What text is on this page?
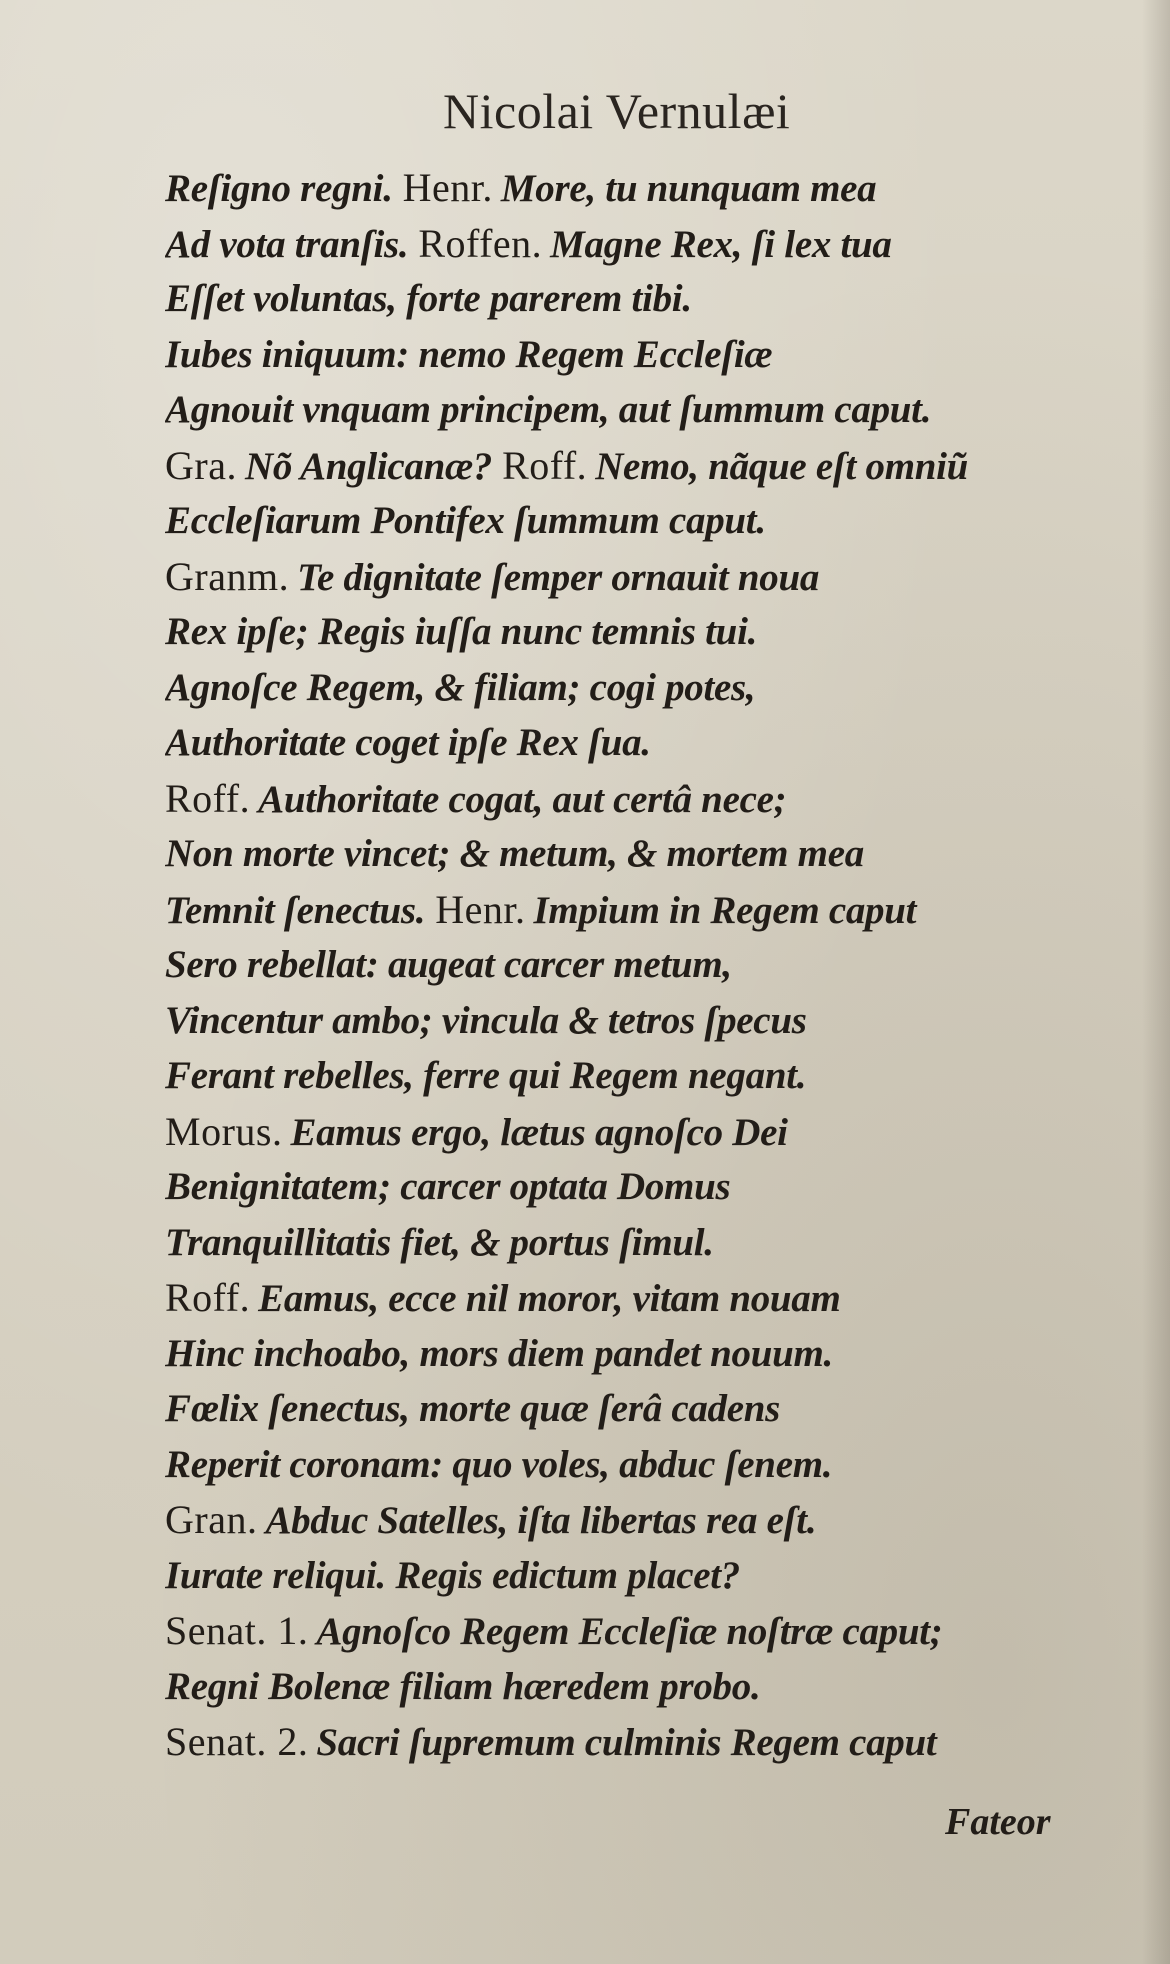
Nicolai Vernulæi
Reſigno regni. Henr. More, tu nunquam mea
Ad vota tranſis. Roffen. Magne Rex, ſi lex tua
Eſſet voluntas, forte parerem tibi.
Iubes iniquum: nemo Regem Eccleſiæ
Agnouit vnquam principem, aut ſummum caput.
Gra. Nõ Anglicanæ? Roff. Nemo, nãque eſt omniũ
Eccleſiarum Pontifex ſummum caput.
Granm. Te dignitate ſemper ornauit noua
Rex ipſe; Regis iuſſa nunc temnis tui.
Agnoſce Regem, & filiam; cogi potes,
Authoritate coget ipſe Rex ſua.
Roff. Authoritate cogat, aut certâ nece;
Non morte vincet; & metum, & mortem mea
Temnit ſenectus. Henr. Impium in Regem caput
Sero rebellat: augeat carcer metum,
Vincentur ambo; vincula & tetros ſpecus
Ferant rebelles, ferre qui Regem negant.
Morus. Eamus ergo, lætus agnoſco Dei
Benignitatem; carcer optata Domus
Tranquillitatis fiet, & portus ſimul.
Roff. Eamus, ecce nil moror, vitam nouam
Hinc inchoabo, mors diem pandet nouum.
Fœlix ſenectus, morte quæ ſerâ cadens
Reperit coronam: quo voles, abduc ſenem.
Gran. Abduc Satelles, iſta libertas rea eſt.
Iurate reliqui. Regis edictum placet?
Senat. 1. Agnoſco Regem Eccleſiæ noſtræ caput;
Regni Bolenæ filiam hæredem probo.
Senat. 2. Sacri ſupremum culminis Regem caput
Fateor
